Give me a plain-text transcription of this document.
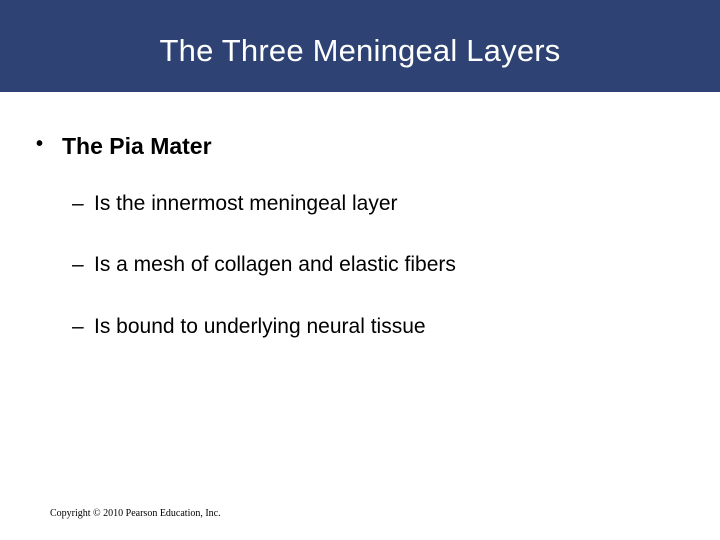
The Three Meningeal Layers
• The Pia Mater
– Is the innermost meningeal layer
– Is a mesh of collagen and elastic fibers
– Is bound to underlying neural tissue
Copyright © 2010 Pearson Education, Inc.
